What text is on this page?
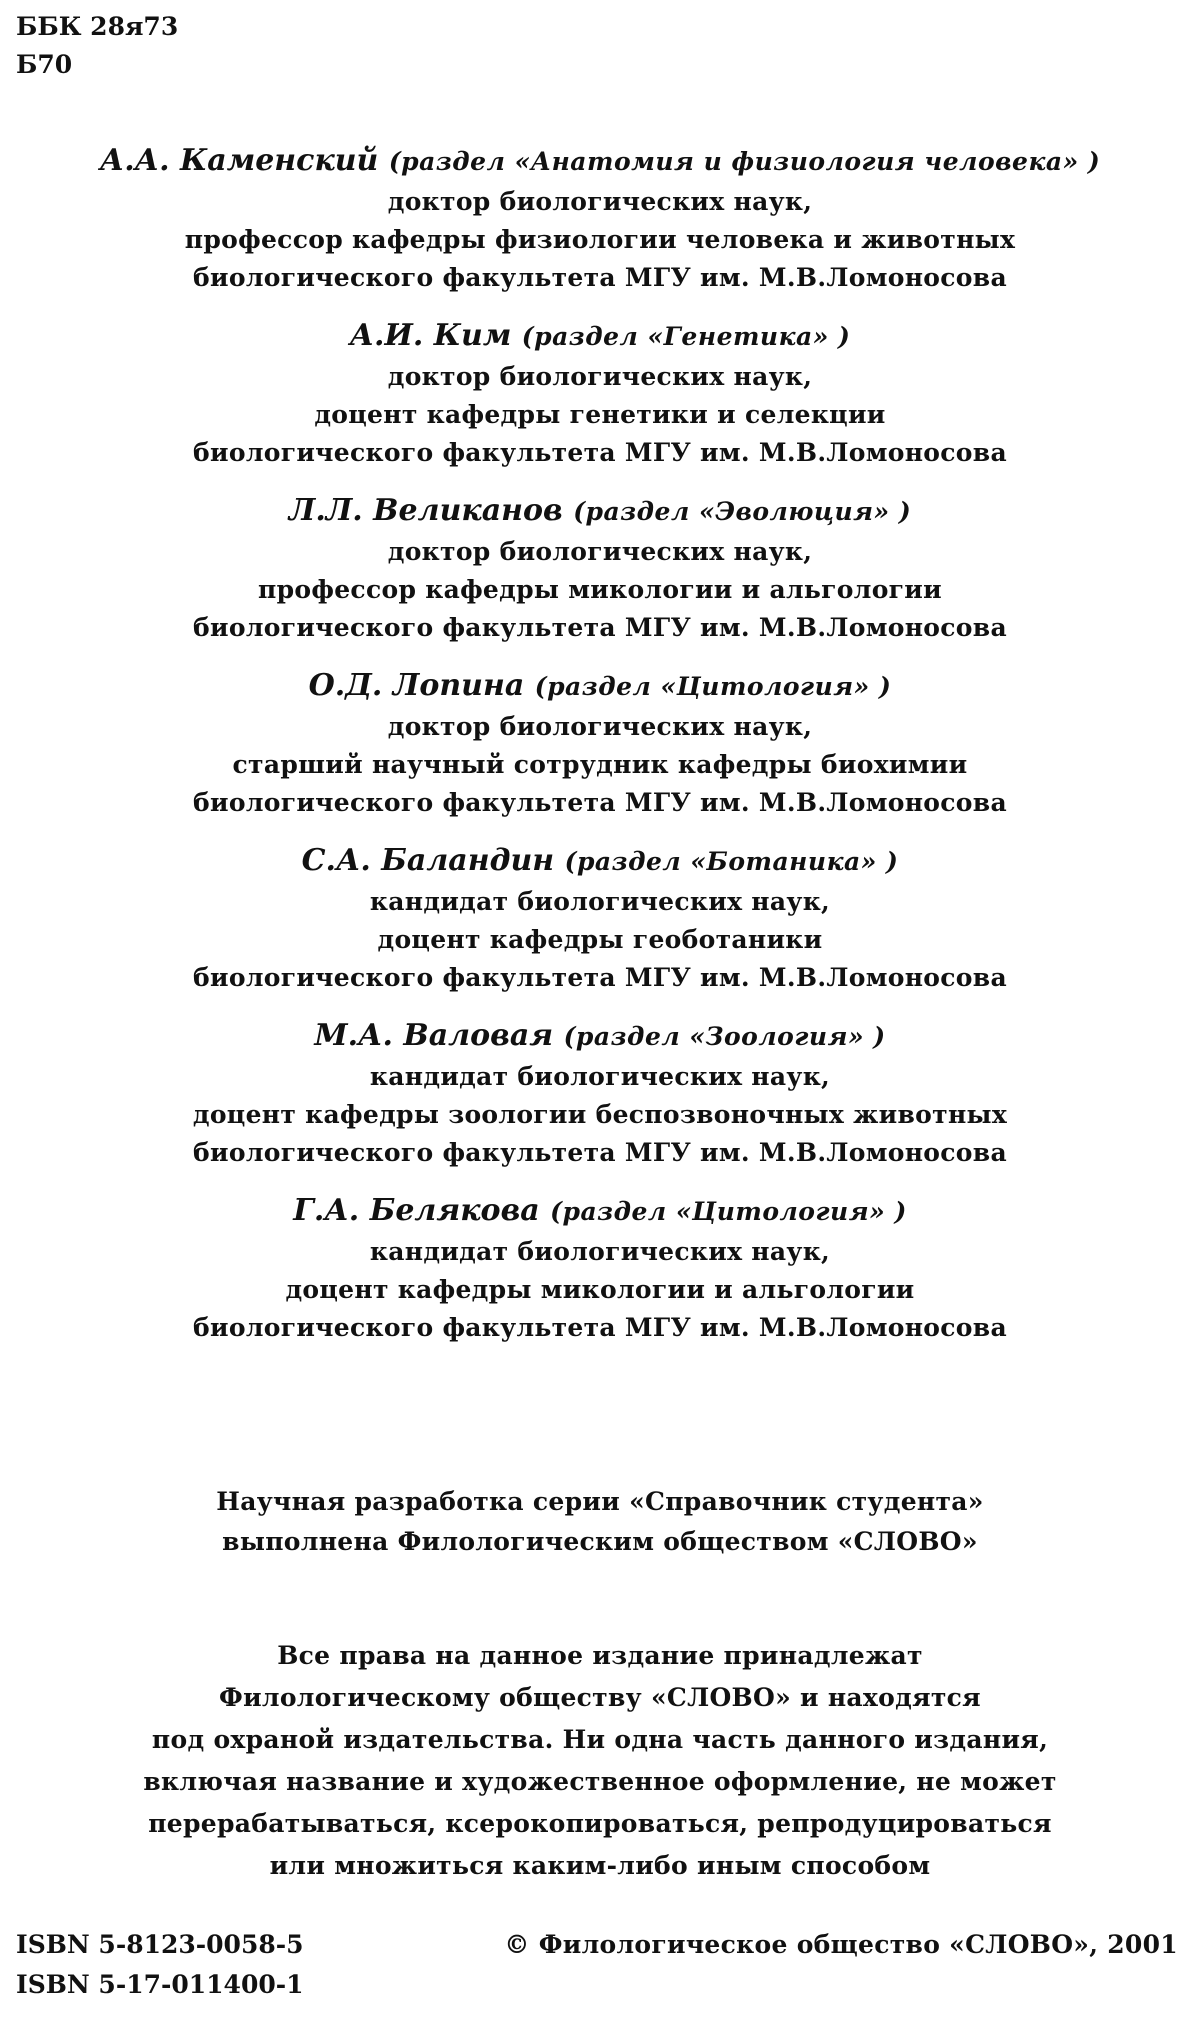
ББК 28я73
Б70
А.А. Каменский (раздел «Анатомия и физиология человека» )
доктор биологических наук,
профессор кафедры физиологии человека и животных
биологического факультета МГУ им. М.В.Ломоносова
А.И. Ким (раздел «Генетика» )
доктор биологических наук,
доцент кафедры генетики и селекции
биологического факультета МГУ им. М.В.Ломоносова
Л.Л. Великанов (раздел «Эволюция» )
доктор биологических наук,
профессор кафедры микологии и альгологии
биологического факультета МГУ им. М.В.Ломоносова
О.Д. Лопина (раздел «Цитология» )
доктор биологических наук,
старший научный сотрудник кафедры биохимии
биологического факультета МГУ им. М.В.Ломоносова
С.А. Баландин (раздел «Ботаника» )
кандидат биологических наук,
доцент кафедры геоботаники
биологического факультета МГУ им. М.В.Ломоносова
М.А. Валовая (раздел «Зоология» )
кандидат биологических наук,
доцент кафедры зоологии беспозвоночных животных
биологического факультета МГУ им. М.В.Ломоносова
Г.А. Белякова (раздел «Цитология» )
кандидат биологических наук,
доцент кафедры микологии и альгологии
биологического факультета МГУ им. М.В.Ломоносова
Научная разработка серии «Справочник студента»
выполнена Филологическим обществом «СЛОВО»
Все права на данное издание принадлежат
Филологическому обществу «СЛОВО» и находятся
под охраной издательства. Ни одна часть данного издания,
включая название и художественное оформление, не может
перерабатываться, ксерокопироваться, репродуцироваться
или множиться каким-либо иным способом
ISBN 5-8123-0058-5
ISBN 5-17-011400-1
© Филологическое общество «СЛОВО», 2001
